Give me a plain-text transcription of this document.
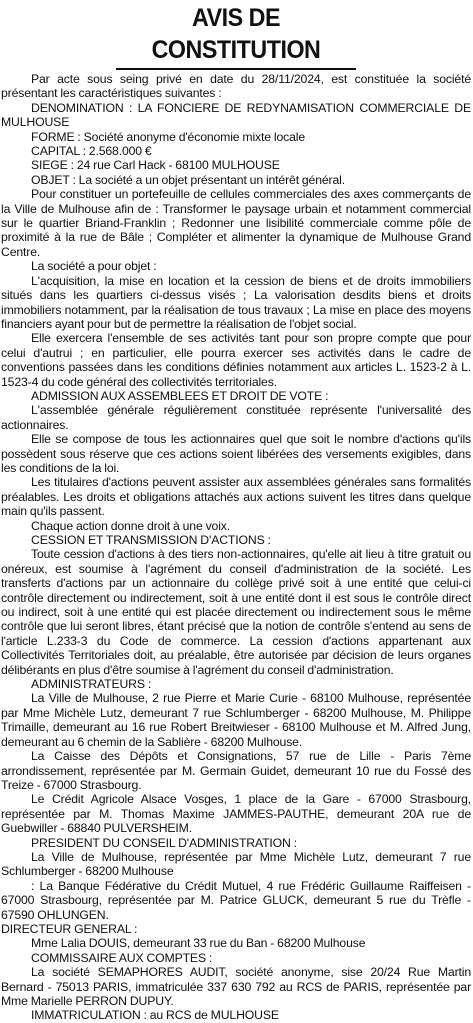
AVIS DE CONSTITUTION

Par acte sous seing privé en date du 28/11/2024, est constituée la société présentant les caractéristiques suivantes :

DENOMINATION : LA FONCIERE DE REDYNAMISATION COMMERCIALE DE MULHOUSE

FORME : Société anonyme d'économie mixte locale

CAPITAL : 2.568.000 €

SIEGE : 24 rue Carl Hack - 68100 MULHOUSE

OBJET : La société a un objet présentant un intérêt général.

Pour constituer un portefeuille de cellules commerciales des axes commerçants de la Ville de Mulhouse afin de : Transformer le paysage urbain et notamment commercial sur le quartier Briand-Franklin ; Redonner une lisibilité commerciale comme pôle de proximité à la rue de Bâle ; Compléter et alimenter la dynamique de Mulhouse Grand Centre.

La société a pour objet :

L'acquisition, la mise en location et la cession de biens et de droits immobiliers situés dans les quartiers ci-dessus visés ; La valorisation desdits biens et droits immobiliers notamment, par la réalisation de tous travaux ; La mise en place des moyens financiers ayant pour but de permettre la réalisation de l'objet social.

Elle exercera l'ensemble de ses activités tant pour son propre compte que pour celui d'autrui ; en particulier, elle pourra exercer ses activités dans le cadre de conventions passées dans les conditions définies notamment aux articles L. 1523-2 à L. 1523-4 du code général des collectivités territoriales.

ADMISSION AUX ASSEMBLEES ET DROIT DE VOTE :

L'assemblée générale régulièrement constituée représente l'universalité des actionnaires.

Elle se compose de tous les actionnaires quel que soit le nombre d'actions qu'ils possèdent sous réserve que ces actions soient libérées des versements exigibles, dans les conditions de la loi.

Les titulaires d'actions peuvent assister aux assemblées générales sans formalités préalables. Les droits et obligations attachés aux actions suivent les titres dans quelque main qu'ils passent.

Chaque action donne droit à une voix.

CESSION ET TRANSMISSION D'ACTIONS :

Toute cession d'actions à des tiers non-actionnaires, qu'elle ait lieu à titre gratuit ou onéreux, est soumise à l'agrément du conseil d'administration de la société. Les transferts d'actions par un actionnaire du collège privé soit à une entité que celui-ci contrôle directement ou indirectement, soit à une entité dont il est sous le contrôle direct ou indirect, soit à une entité qui est placée directement ou indirectement sous le même contrôle que lui seront libres, étant précisé que la notion de contrôle s'entend au sens de l'article L.233-3 du Code de commerce. La cession d'actions appartenant aux Collectivités Territoriales doit, au préalable, être autorisée par décision de leurs organes délibérants en plus d'être soumise à l'agrément du conseil d'administration.

ADMINISTRATEURS :

La Ville de Mulhouse, 2 rue Pierre et Marie Curie - 68100 Mulhouse, représentée par Mme Michèle Lutz, demeurant 7 rue Schlumberger - 68200 Mulhouse, M. Philippe Trimaille, demeurant au 16 rue Robert Breitwieser - 68100 Mulhouse et M. Alfred Jung, demeurant au 6 chemin de la Sablière - 68200 Mulhouse.

La Caisse des Dépôts et Consignations, 57 rue de Lille - Paris 7ème arrondissement, représentée par M. Germain Guidet, demeurant 10 rue du Fossé des Treize - 67000 Strasbourg.

Le Crédit Agricole Alsace Vosges, 1 place de la Gare - 67000 Strasbourg, représentée par M. Thomas Maxime JAMMES-PAUTHE, demeurant 20A rue de Guebwiller - 68840 PULVERSHEIM.

PRESIDENT DU CONSEIL D'ADMINISTRATION :

La Ville de Mulhouse, représentée par Mme Michèle Lutz, demeurant 7 rue Schlumberger - 68200 Mulhouse

: La Banque Fédérative du Crédit Mutuel, 4 rue Frédéric Guillaume Raiffeisen - 67000 Strasbourg, représentée par M. Patrice GLUCK, demeurant 5 rue du Trèfle - 67590 OHLUNGEN.

DIRECTEUR GENERAL :

Mme Lalia DOUIS, demeurant 33 rue du Ban - 68200 Mulhouse

COMMISSAIRE AUX COMPTES :

La société SEMAPHORES AUDIT, société anonyme, sise 20/24 Rue Martin Bernard - 75013 PARIS, immatriculée 337 630 792 au RCS de PARIS, représentée par Mme Marielle PERRON DUPUY.

IMMATRICULATION : au RCS de MULHOUSE
